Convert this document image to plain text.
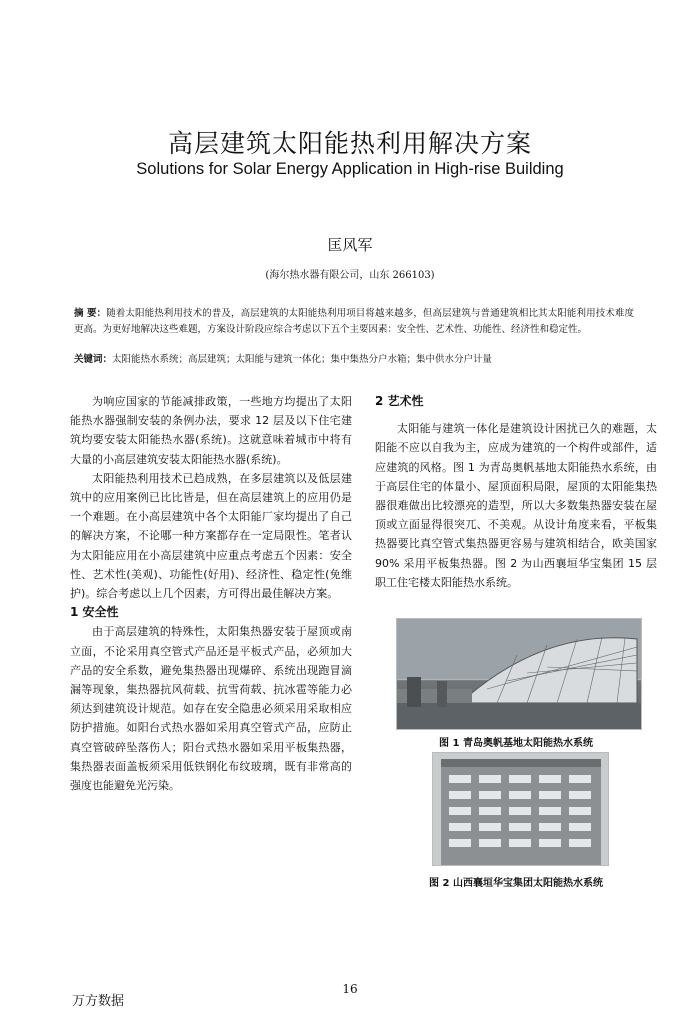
高层建筑太阳能热利用解决方案
Solutions for Solar Energy Application in High-rise Building
匡风军
(海尔热水器有限公司，山东 266103)
摘 要：随着太阳能热利用技术的普及，高层建筑的太阳能热利用项目将越来越多，但高层建筑与普通建筑相比其太阳能利用技术难度更高。为更好地解决这些难题，方案设计阶段应综合考虑以下五个主要因素：安全性、艺术性、功能性、经济性和稳定性。
关键词：太阳能热水系统；高层建筑；太阳能与建筑一体化；集中集热分户水箱；集中供水分户计量

为响应国家的节能减排政策，一些地方均提出了太阳能热水器强制安装的条例办法，要求 12 层及以下住宅建筑均要安装太阳能热水器(系统)。这就意味着城市中将有大量的小高层建筑安装太阳能热水器(系统)。

太阳能热利用技术已趋成熟，在多层建筑以及低层建筑中的应用案例已比比皆是，但在高层建筑上的应用仍是一个难题。在小高层建筑中各个太阳能厂家均提出了自己的解决方案，不论哪一种方案都存在一定局限性。笔者认为太阳能应用在小高层建筑中应重点考虑五个因素：安全性、艺术性(美观)、功能性(好用)、经济性、稳定性(免维护)。综合考虑以上几个因素，方可得出最佳解决方案。

1 安全性

由于高层建筑的特殊性，太阳集热器安装于屋顶或南立面，不论采用真空管式产品还是平板式产品，必须加大产品的安全系数，避免集热器出现爆碎、系统出现跑冒滴漏等现象，集热器抗风荷载、抗雪荷载、抗冰雹等能力必须达到建筑设计规范。如存在安全隐患必须采用采取相应防护措施。如阳台式热水器如采用真空管式产品，应防止真空管破碎坠落伤人；阳台式热水器如采用平板集热器，集热器表面盖板须采用低铁钢化布纹玻璃，既有非常高的强度也能避免光污染。

2 艺术性

太阳能与建筑一体化是建筑设计困扰已久的难题，太阳能不应以自我为主，应成为建筑的一个构件或部件，适应建筑的风格。图 1 为青岛奥帆基地太阳能热水系统，由于高层住宅的体量小、屋顶面积局限，屋顶的太阳能集热器很难做出比较漂亮的造型，所以大多数集热器安装在屋顶或立面显得很突兀、不美观。从设计角度来看，平板集热器要比真空管式集热器更容易与建筑相结合，欧美国家 90% 采用平板集热器。图 2 为山西襄垣华宝集团 15 层职工住宅楼太阳能热水系统。

图 1 青岛奥帆基地太阳能热水系统
图 2 山西襄垣华宝集团太阳能热水系统
16
万方数据
